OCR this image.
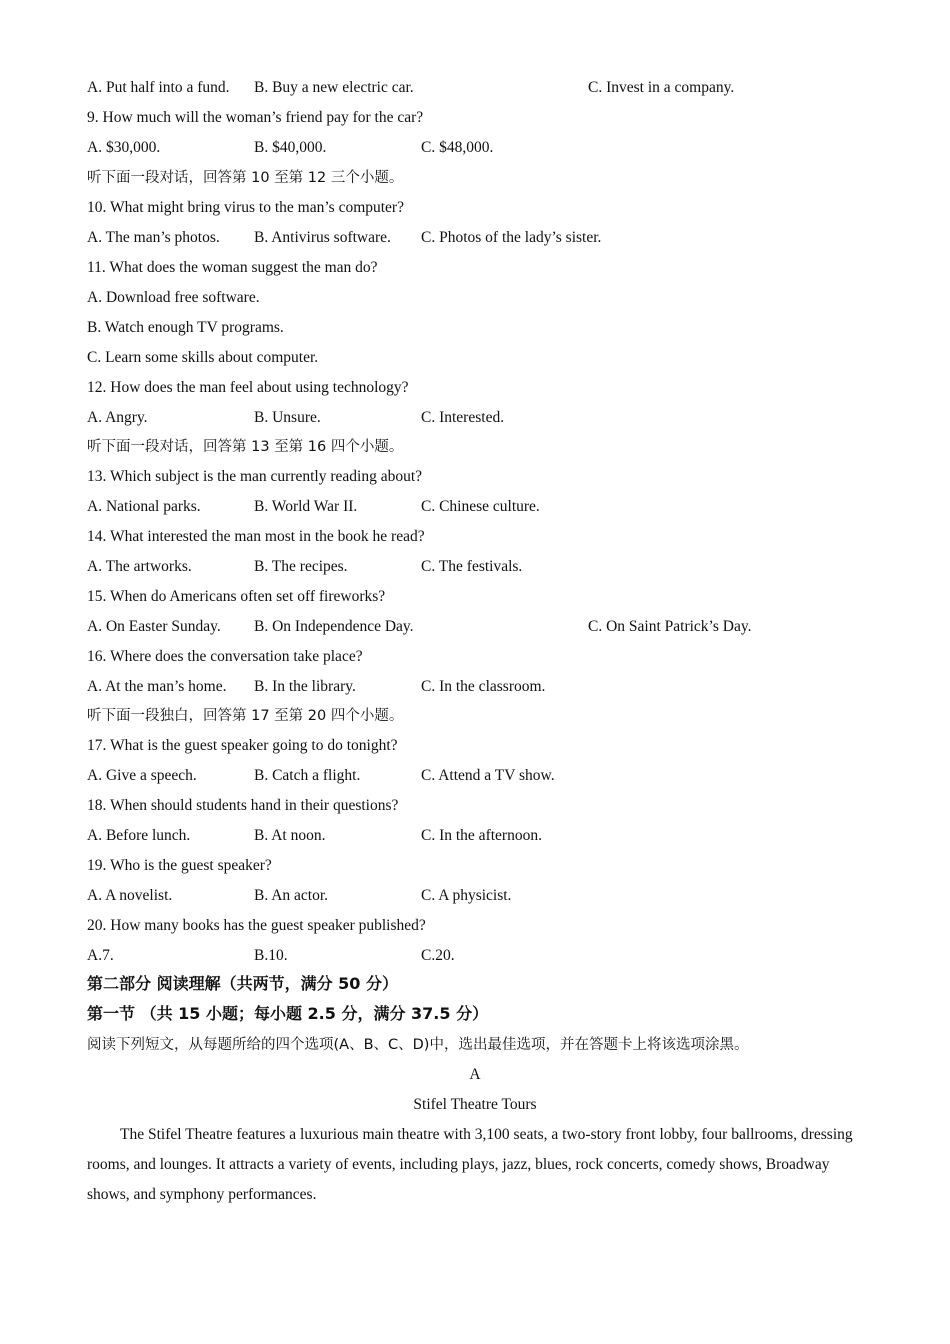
A. Put half into a fund. B. Buy a new electric car.	C. Invest in a company.
9. How much will the woman’s friend pay for the car?
A. $30,000.	B. $40,000.	C. $48,000.
听下面一段对话，回答第 10 至第 12 三个小题。
10. What might bring virus to the man’s computer?
A. The man’s photos. B. Antivirus software. C. Photos of the lady’s sister.
11. What does the woman suggest the man do?
A. Download free software.
B. Watch enough TV programs.
C. Learn some skills about computer.
12. How does the man feel about using technology?
A. Angry.	B. Unsure.	C. Interested.
听下面一段对话，回答第 13 至第 16 四个小题。
13. Which subject is the man currently reading about?
A. National parks.	B. World War II.	C. Chinese culture.
14. What interested the man most in the book he read?
A. The artworks.	B. The recipes.	C. The festivals.
15. When do Americans often set off fireworks?
A. On Easter Sunday. B. On Independence Day.	C. On Saint Patrick’s Day.
16. Where does the conversation take place?
A. At the man’s home. B. In the library.	C. In the classroom.
听下面一段独白，回答第 17 至第 20 四个小题。
17. What is the guest speaker going to do tonight?
A. Give a speech.	B. Catch a flight.	C. Attend a TV show.
18. When should students hand in their questions?
A. Before lunch.	B. At noon.	C. In the afternoon.
19. Who is the guest speaker?
A. A novelist.	B. An actor.	C. A physicist.
20. How many books has the guest speaker published?
A.7.	B.10.	C.20.
第二部分 阅读理解（共两节，满分 50 分）
第一节 （共 15 小题；每小题 2.5 分，满分 37.5 分）
阅读下列短文，从每题所给的四个选项(A、B、C、D)中，选出最佳选项，并在答题卡上将该选项涂黑。
A
Stifel Theatre Tours
The Stifel Theatre features a luxurious main theatre with 3,100 seats, a two-story front lobby, four ballrooms, dressing rooms, and lounges. It attracts a variety of events, including plays, jazz, blues, rock concerts, comedy shows, Broadway shows, and symphony performances.
